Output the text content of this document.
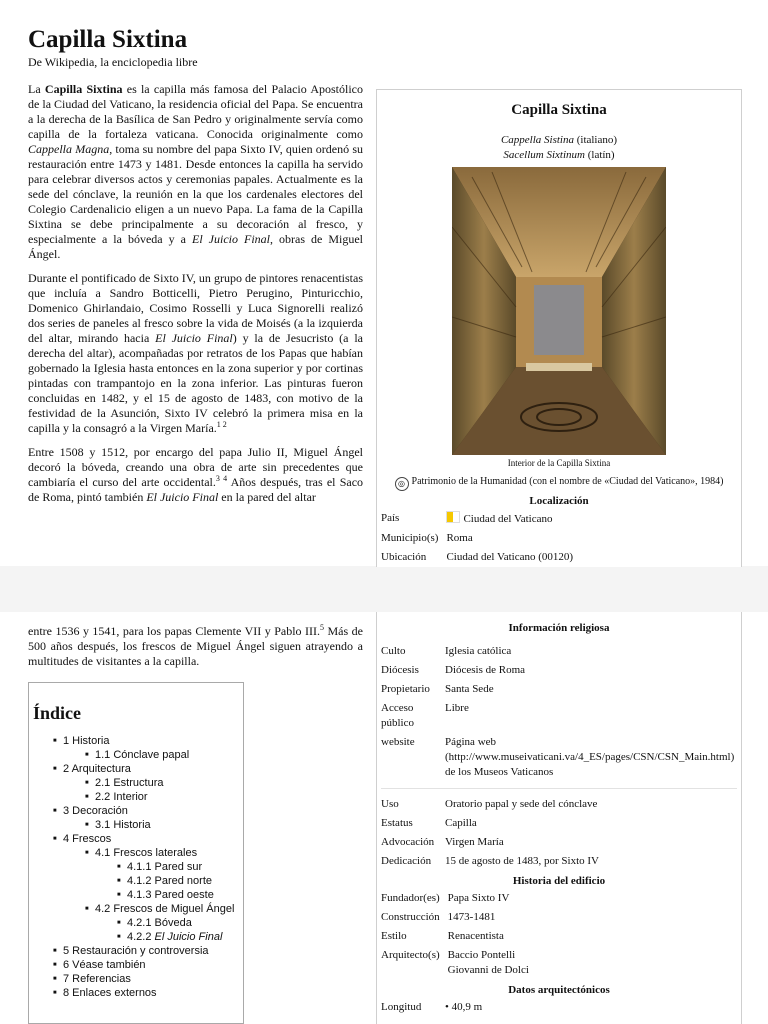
Capilla Sixtina
De Wikipedia, la enciclopedia libre

La Capilla Sixtina es la capilla más famosa del Palacio Apostólico de la Ciudad del Vaticano, la residencia oficial del Papa. Se encuentra a la derecha de la Basílica de San Pedro y originalmente servía como capilla de la fortaleza vaticana. Conocida originalmente como Cappella Magna, toma su nombre del papa Sixto IV, quien ordenó su restauración entre 1473 y 1481. Desde entonces la capilla ha servido para celebrar diversos actos y ceremonias papales. Actualmente es la sede del cónclave, la reunión en la que los cardenales electores del Colegio Cardenalicio eligen a un nuevo Papa. La fama de la Capilla Sixtina se debe principalmente a su decoración al fresco, y especialmente a la bóveda y a El Juicio Final, obras de Miguel Ángel.

Durante el pontificado de Sixto IV, un grupo de pintores renacentistas que incluía a Sandro Botticelli, Pietro Perugino, Pinturicchio, Domenico Ghirlandaio, Cosimo Rosselli y Luca Signorelli realizó dos series de paneles al fresco sobre la vida de Moisés (a la izquierda del altar, mirando hacia El Juicio Final) y la de Jesucristo (a la derecha del altar), acompañadas por retratos de los Papas que habían gobernado la Iglesia hasta entonces en la zona superior y por cortinas pintadas con trampantojo en la zona inferior. Las pinturas fueron concluidas en 1482, y el 15 de agosto de 1483, con motivo de la festividad de la Asunción, Sixto IV celebró la primera misa en la capilla y la consagró a la Virgen María.$^{1 2}$

Entre 1508 y 1512, por encargo del papa Julio II, Miguel Ángel decoró la bóveda, creando una obra de arte sin precedentes que cambiaría el curso del arte occidental.$^{3 4}$ Años después, tras el Saco de Roma, pintó también El Juicio Final en la pared del altar

entre 1536 y 1541, para los papas Clemente VII y Pablo III.$^5$ Más de 500 años después, los frescos de Miguel Ángel siguen atrayendo a multitudes de visitantes a la capilla.

Capilla Sixtina
Cappella Sistina (italiano)
Sacellum Sixtinum (latín)
Interior de la Capilla Sixtina
◎ Patrimonio de la Humanidad (con el nombre de «Ciudad del Vaticano», 1984)
Localización
País	Ciudad del Vaticano
Municipio(s)	Roma
Ubicación	Ciudad del Vaticano (00120)
Información religiosa
Culto	Iglesia católica
Diócesis	Diócesis de Roma
Propietario	Santa Sede
Acceso público	Libre
website	Página web (http://www.museivaticani.va/4_ES/pages/CSN/CSN_Main.html) de los Museos Vaticanos
Uso	Oratorio papal y sede del cónclave
Estatus	Capilla
Advocación	Virgen María
Dedicación	15 de agosto de 1483, por Sixto IV
Historia del edificio
Fundador(es)	Papa Sixto IV
Construcción	1473-1481
Estilo	Renacentista
Arquitecto(s)	Baccio Pontelli
Giovanni de Dolci
Datos arquitectónicos
Longitud	• 40,9 m
Índice
■ 1 Historia
■ 1.1 Cónclave papal
■ 2 Arquitectura
■ 2.1 Estructura
■ 2.2 Interior
■ 3 Decoración
■ 3.1 Historia
■ 4 Frescos
■ 4.1 Frescos laterales
■ 4.1.1 Pared sur
■ 4.1.2 Pared norte
■ 4.1.3 Pared oeste
■ 4.2 Frescos de Miguel Ángel
■ 4.2.1 Bóveda
■ 4.2.2 El Juicio Final
■ 5 Restauración y controversia
■ 6 Véase también
■ 7 Referencias
■ 8 Enlaces externos
